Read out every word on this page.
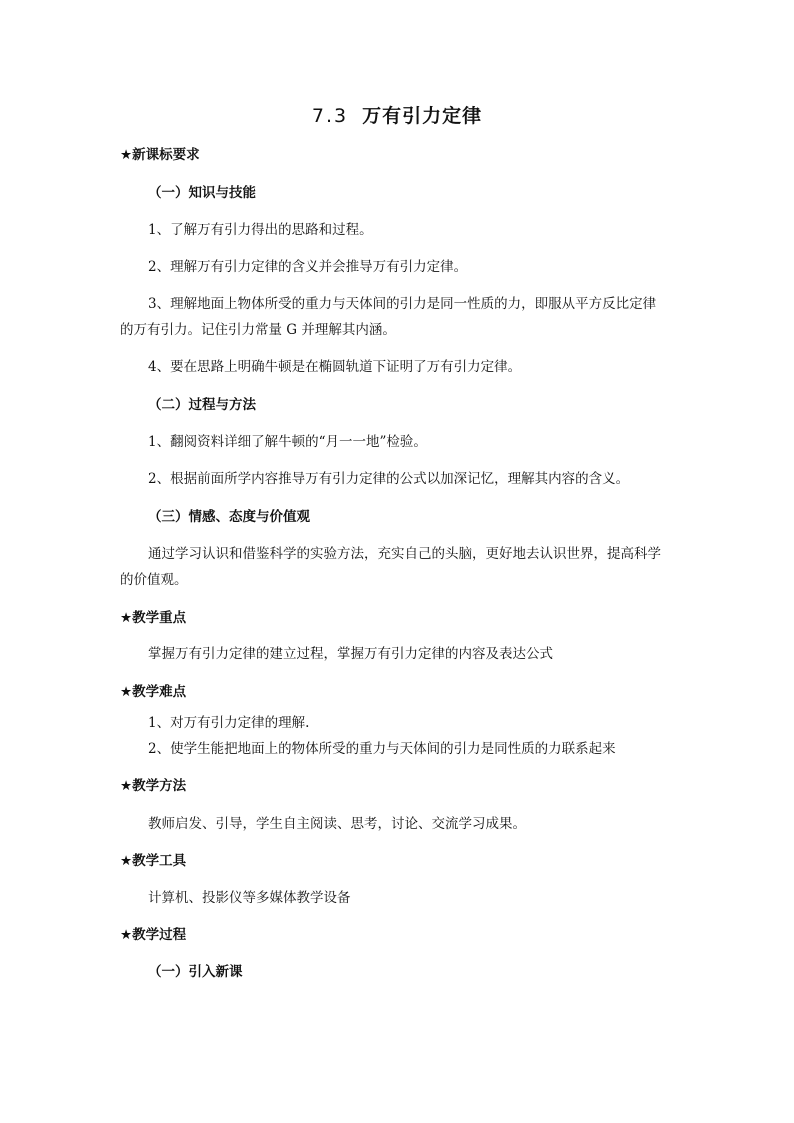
7.3 万有引力定律
★新课标要求
（一）知识与技能
1、了解万有引力得出的思路和过程。
2、理解万有引力定律的含义并会推导万有引力定律。
3、理解地面上物体所受的重力与天体间的引力是同一性质的力，即服从平方反比定律
的万有引力。记住引力常量 G 并理解其内涵。
4、要在思路上明确牛顿是在椭圆轨道下证明了万有引力定律。
（二）过程与方法
1、翻阅资料详细了解牛顿的“月一一地”检验。
2、根据前面所学内容推导万有引力定律的公式以加深记忆，理解其内容的含义。
（三）情感、态度与价值观
通过学习认识和借鉴科学的实验方法，充实自己的头脑，更好地去认识世界，提高科学
的价值观。
★教学重点
掌握万有引力定律的建立过程，掌握万有引力定律的内容及表达公式
★教学难点
1、对万有引力定律的理解.
2、使学生能把地面上的物体所受的重力与天体间的引力是同性质的力联系起来
★教学方法
教师启发、引导，学生自主阅读、思考，讨论、交流学习成果。
★教学工具
计算机、投影仪等多媒体教学设备
★教学过程
（一）引入新课
